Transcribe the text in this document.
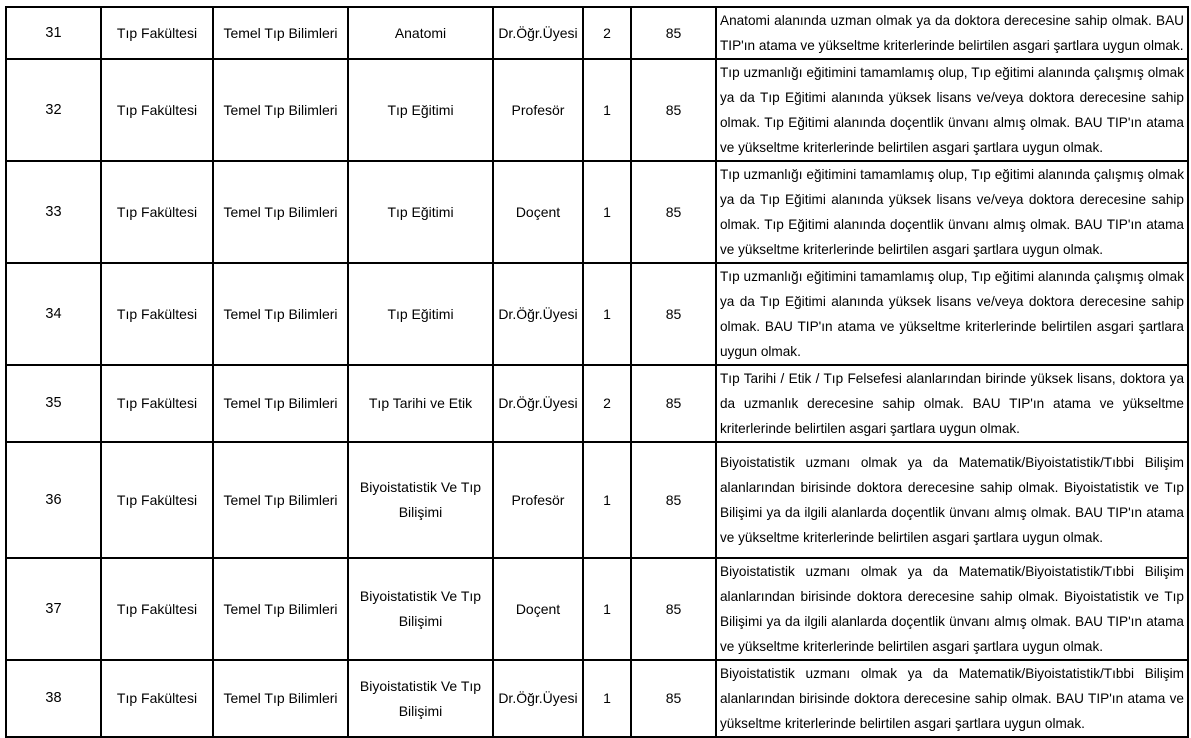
31	Tıp Fakültesi	Temel Tıp Bilimleri	Anatomi	Dr.Öğr.Üyesi	2	85	Anatomi alanında uzman olmak ya da doktora derecesine sahip olmak. BAU TIP'ın atama ve yükseltme kriterlerinde belirtilen asgari şartlara uygun olmak.
32	Tıp Fakültesi	Temel Tıp Bilimleri	Tıp Eğitimi	Profesör	1	85	Tıp uzmanlığı eğitimini tamamlamış olup, Tıp eğitimi alanında çalışmış olmak ya da Tıp Eğitimi alanında yüksek lisans ve/veya doktora derecesine sahip olmak. Tıp Eğitimi alanında doçentlik ünvanı almış olmak. BAU TIP'ın atama ve yükseltme kriterlerinde belirtilen asgari şartlara uygun olmak.
33	Tıp Fakültesi	Temel Tıp Bilimleri	Tıp Eğitimi	Doçent	1	85	Tıp uzmanlığı eğitimini tamamlamış olup, Tıp eğitimi alanında çalışmış olmak ya da Tıp Eğitimi alanında yüksek lisans ve/veya doktora derecesine sahip olmak. Tıp Eğitimi alanında doçentlik ünvanı almış olmak. BAU TIP'ın atama ve yükseltme kriterlerinde belirtilen asgari şartlara uygun olmak.
34	Tıp Fakültesi	Temel Tıp Bilimleri	Tıp Eğitimi	Dr.Öğr.Üyesi	1	85	Tıp uzmanlığı eğitimini tamamlamış olup, Tıp eğitimi alanında çalışmış olmak ya da Tıp Eğitimi alanında yüksek lisans ve/veya doktora derecesine sahip olmak. BAU TIP'ın atama ve yükseltme kriterlerinde belirtilen asgari şartlara uygun olmak.
35	Tıp Fakültesi	Temel Tıp Bilimleri	Tıp Tarihi ve Etik	Dr.Öğr.Üyesi	2	85	Tıp Tarihi / Etik / Tıp Felsefesi alanlarından birinde yüksek lisans, doktora ya da uzmanlık derecesine sahip olmak. BAU TIP'ın atama ve yükseltme kriterlerinde belirtilen asgari şartlara uygun olmak.
36	Tıp Fakültesi	Temel Tıp Bilimleri	Biyoistatistik Ve Tıp Bilişimi	Profesör	1	85	Biyoistatistik uzmanı olmak ya da Matematik/Biyoistatistik/Tıbbi Bilişim alanlarından birisinde doktora derecesine sahip olmak. Biyoistatistik ve Tıp Bilişimi ya da ilgili alanlarda doçentlik ünvanı almış olmak. BAU TIP'ın atama ve yükseltme kriterlerinde belirtilen asgari şartlara uygun olmak.
37	Tıp Fakültesi	Temel Tıp Bilimleri	Biyoistatistik Ve Tıp Bilişimi	Doçent	1	85	Biyoistatistik uzmanı olmak ya da Matematik/Biyoistatistik/Tıbbi Bilişim alanlarından birisinde doktora derecesine sahip olmak. Biyoistatistik ve Tıp Bilişimi ya da ilgili alanlarda doçentlik ünvanı almış olmak. BAU TIP'ın atama ve yükseltme kriterlerinde belirtilen asgari şartlara uygun olmak.
38	Tıp Fakültesi	Temel Tıp Bilimleri	Biyoistatistik Ve Tıp Bilişimi	Dr.Öğr.Üyesi	1	85	Biyoistatistik uzmanı olmak ya da Matematik/Biyoistatistik/Tıbbi Bilişim alanlarından birisinde doktora derecesine sahip olmak. BAU TIP'ın atama ve yükseltme kriterlerinde belirtilen asgari şartlara uygun olmak.
